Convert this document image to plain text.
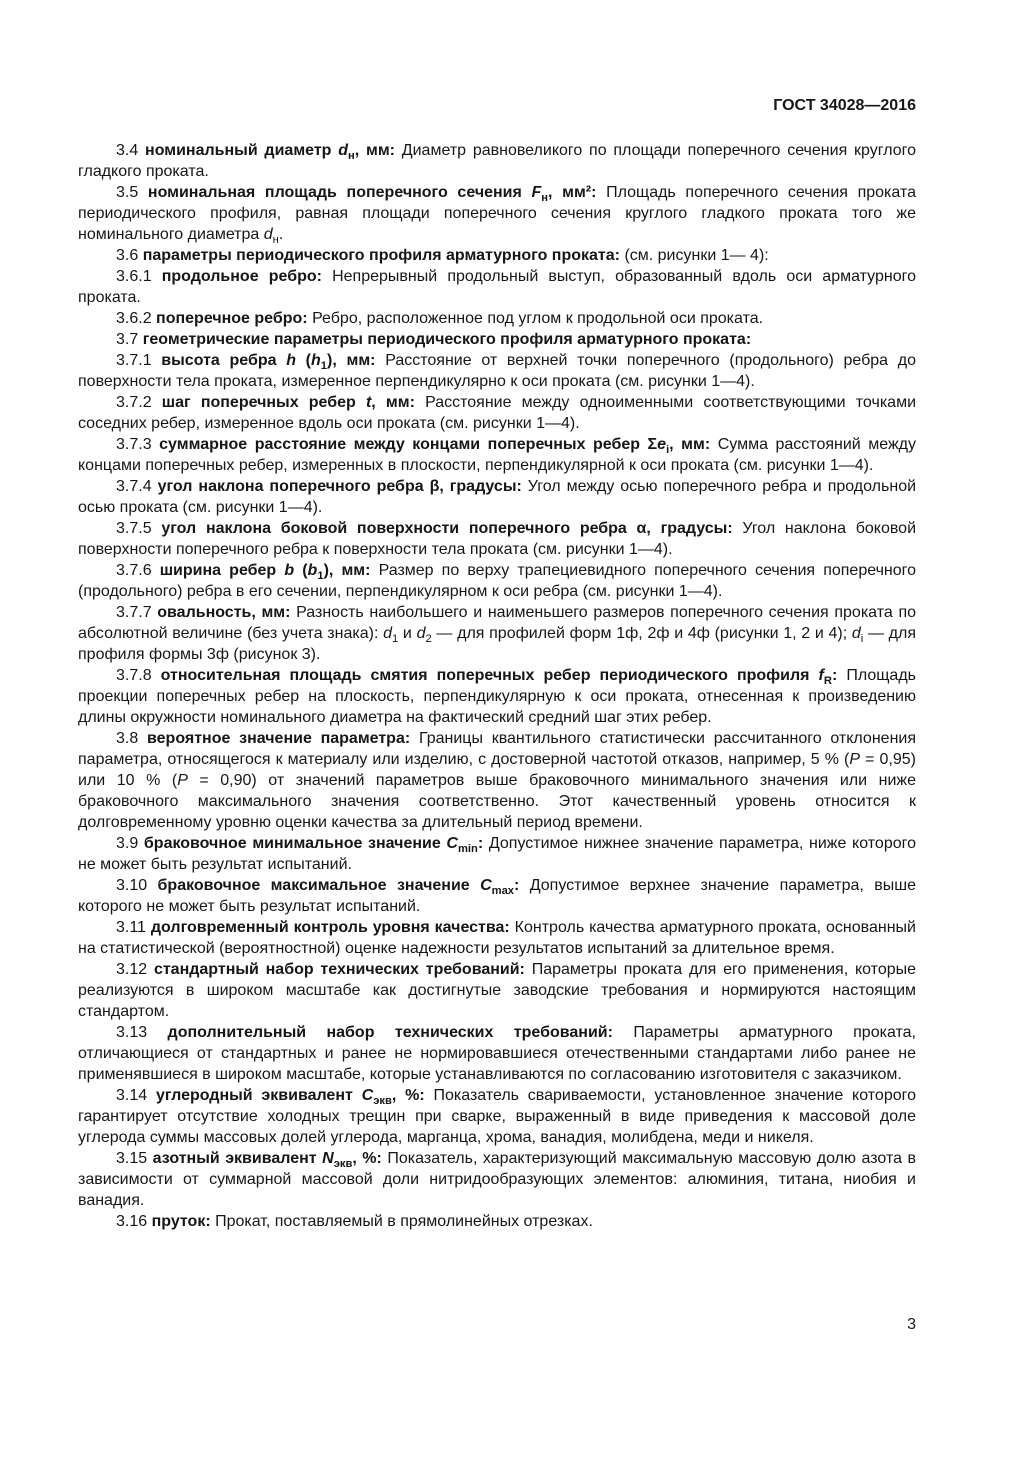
ГОСТ 34028—2016

3.4 номинальный диаметр $d_н$, мм: Диаметр равновеликого по площади поперечного сечения круглого гладкого проката.

3.5 номинальная площадь поперечного сечения $F_н$, мм²: Площадь поперечного сечения проката периодического профиля, равная площади поперечного сечения круглого гладкого проката того же номинального диаметра $d_н$.

3.6 параметры периодического профиля арматурного проката: (см. рисунки 1— 4):

3.6.1 продольное ребро: Непрерывный продольный выступ, образованный вдоль оси арматурного проката.

3.6.2 поперечное ребро: Ребро, расположенное под углом к продольной оси проката.

3.7 геометрические параметры периодического профиля арматурного проката:

3.7.1 высота ребра h $(h_1)$, мм: Расстояние от верхней точки поперечного (продольного) ребра до поверхности тела проката, измеренное перпендикулярно к оси проката (см. рисунки 1—4).

3.7.2 шаг поперечных ребер t, мм: Расстояние между одноименными соответствующими точками соседних ребер, измеренное вдоль оси проката (см. рисунки 1—4).

3.7.3 суммарное расстояние между концами поперечных ребер $\Sigma e_i$, мм: Сумма расстояний между концами поперечных ребер, измеренных в плоскости, перпендикулярной к оси проката (см. рисунки 1—4).

3.7.4 угол наклона поперечного ребра β, градусы: Угол между осью поперечного ребра и продольной осью проката (см. рисунки 1—4).

3.7.5 угол наклона боковой поверхности поперечного ребра α, градусы: Угол наклона боковой поверхности поперечного ребра к поверхности тела проката (см. рисунки 1—4).

3.7.6 ширина ребер b $(b_1)$, мм: Размер по верху трапециевидного поперечного сечения поперечного (продольного) ребра в его сечении, перпендикулярном к оси ребра (см. рисунки 1—4).

3.7.7 овальность, мм: Разность наибольшего и наименьшего размеров поперечного сечения проката по абсолютной величине (без учета знака): $d_1$ и $d_2$ — для профилей форм 1ф, 2ф и 4ф (рисунки 1, 2 и 4); $d_i$ — для профиля формы 3ф (рисунок 3).

3.7.8 относительная площадь смятия поперечных ребер периодического профиля $f_R$: Площадь проекции поперечных ребер на плоскость, перпендикулярную к оси проката, отнесенная к произведению длины окружности номинального диаметра на фактический средний шаг этих ребер.

3.8 вероятное значение параметра: Границы квантильного статистически рассчитанного отклонения параметра, относящегося к материалу или изделию, с достоверной частотой отказов, например, 5 % (P = 0,95) или 10 % (P = 0,90) от значений параметров выше браковочного минимального значения или ниже браковочного максимального значения соответственно. Этот качественный уровень относится к долговременному уровню оценки качества за длительный период времени.

3.9 браковочное минимальное значение $C_{min}$: Допустимое нижнее значение параметра, ниже которого не может быть результат испытаний.

3.10 браковочное максимальное значение $C_{max}$: Допустимое верхнее значение параметра, выше которого не может быть результат испытаний.

3.11 долговременный контроль уровня качества: Контроль качества арматурного проката, основанный на статистической (вероятностной) оценке надежности результатов испытаний за длительное время.

3.12 стандартный набор технических требований: Параметры проката для его применения, которые реализуются в широком масштабе как достигнутые заводские требования и нормируются настоящим стандартом.

3.13 дополнительный набор технических требований: Параметры арматурного проката, отличающиеся от стандартных и ранее не нормировавшиеся отечественными стандартами либо ранее не применявшиеся в широком масштабе, которые устанавливаются по согласованию изготовителя с заказчиком.

3.14 углеродный эквивалент $C_{экв}$, %: Показатель свариваемости, установленное значение которого гарантирует отсутствие холодных трещин при сварке, выраженный в виде приведения к массовой доле углерода суммы массовых долей углерода, марганца, хрома, ванадия, молибдена, меди и никеля.

3.15 азотный эквивалент $N_{экв}$, %: Показатель, характеризующий максимальную массовую долю азота в зависимости от суммарной массовой доли нитридообразующих элементов: алюминия, титана, ниобия и ванадия.

3.16 пруток: Прокат, поставляемый в прямолинейных отрезках.

3
